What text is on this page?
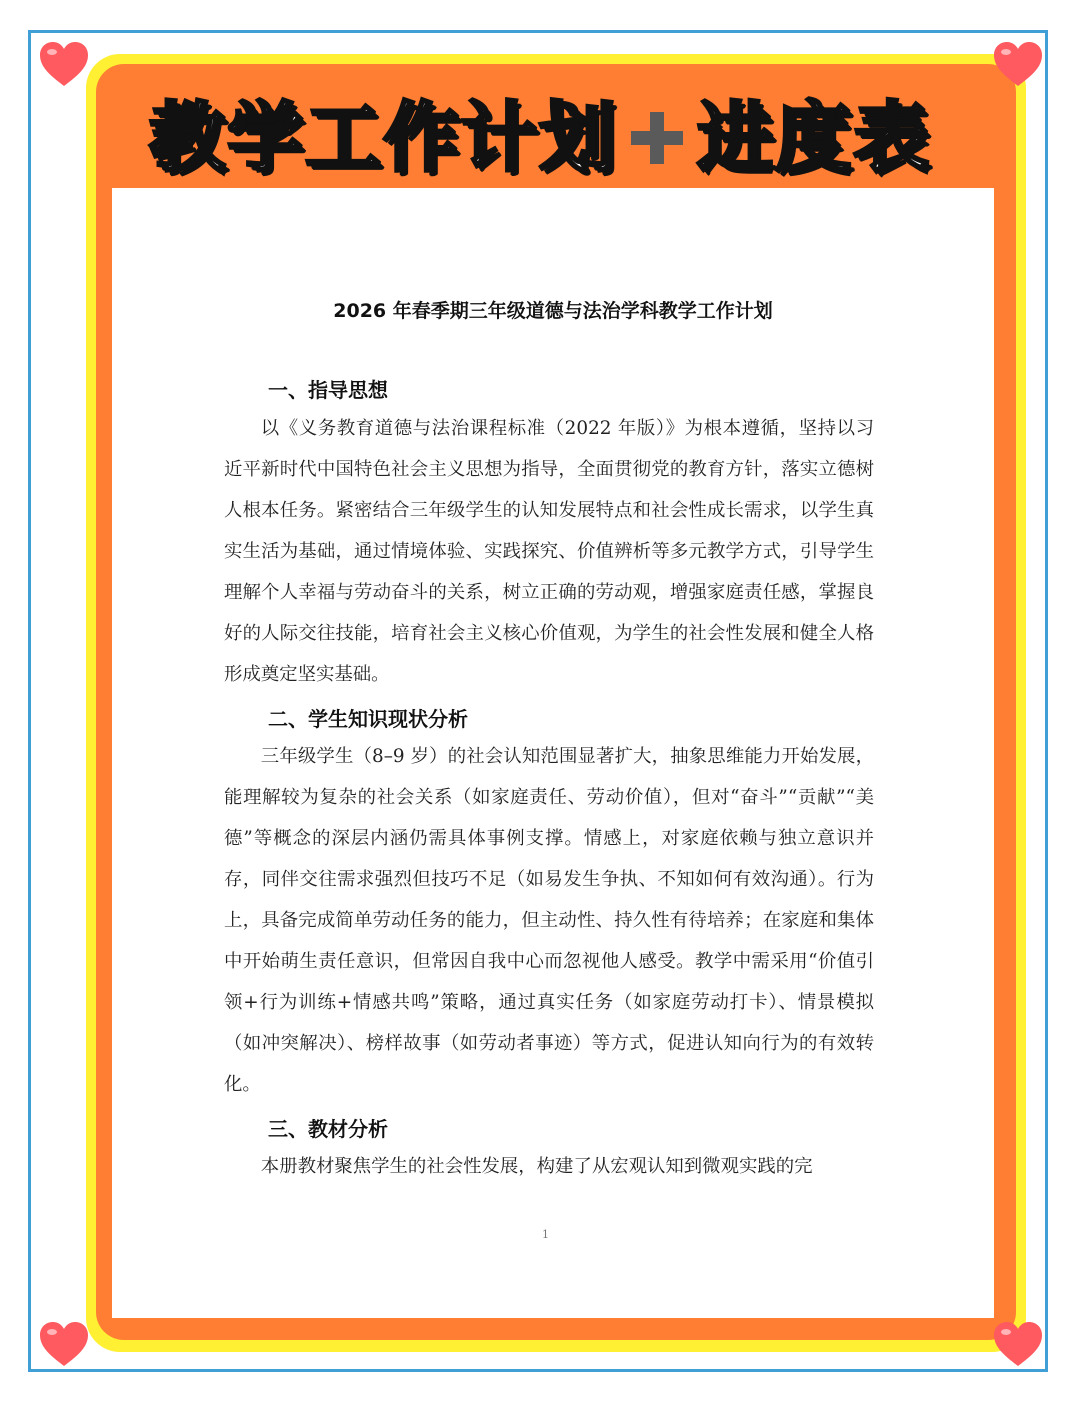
教学工作计划 进度表
2026 年春季期三年级道德与法治学科教学工作计划
一、指导思想

以《义务教育道德与法治课程标准（2022 年版）》为根本遵循，坚持以习近平新时代中国特色社会主义思想为指导，全面贯彻党的教育方针，落实立德树人根本任务。紧密结合三年级学生的认知发展特点和社会性成长需求，以学生真实生活为基础，通过情境体验、实践探究、价值辨析等多元教学方式，引导学生理解个人幸福与劳动奋斗的关系，树立正确的劳动观，增强家庭责任感，掌握良好的人际交往技能，培育社会主义核心价值观，为学生的社会性发展和健全人格形成奠定坚实基础。

二、学生知识现状分析

三年级学生（8–9 岁）的社会认知范围显著扩大，抽象思维能力开始发展，能理解较为复杂的社会关系（如家庭责任、劳动价值），但对“奋斗”“贡献”“美德”等概念的深层内涵仍需具体事例支撑。情感上，对家庭依赖与独立意识并存，同伴交往需求强烈但技巧不足（如易发生争执、不知如何有效沟通）。行为上，具备完成简单劳动任务的能力，但主动性、持久性有待培养；在家庭和集体中开始萌生责任意识，但常因自我中心而忽视他人感受。教学中需采用“价值引领+行为训练+情感共鸣”策略，通过真实任务（如家庭劳动打卡）、情景模拟（如冲突解决）、榜样故事（如劳动者事迹）等方式，促进认知向行为的有效转化。

三、教材分析

本册教材聚焦学生的社会性发展，构建了从宏观认知到微观实践的完

1
